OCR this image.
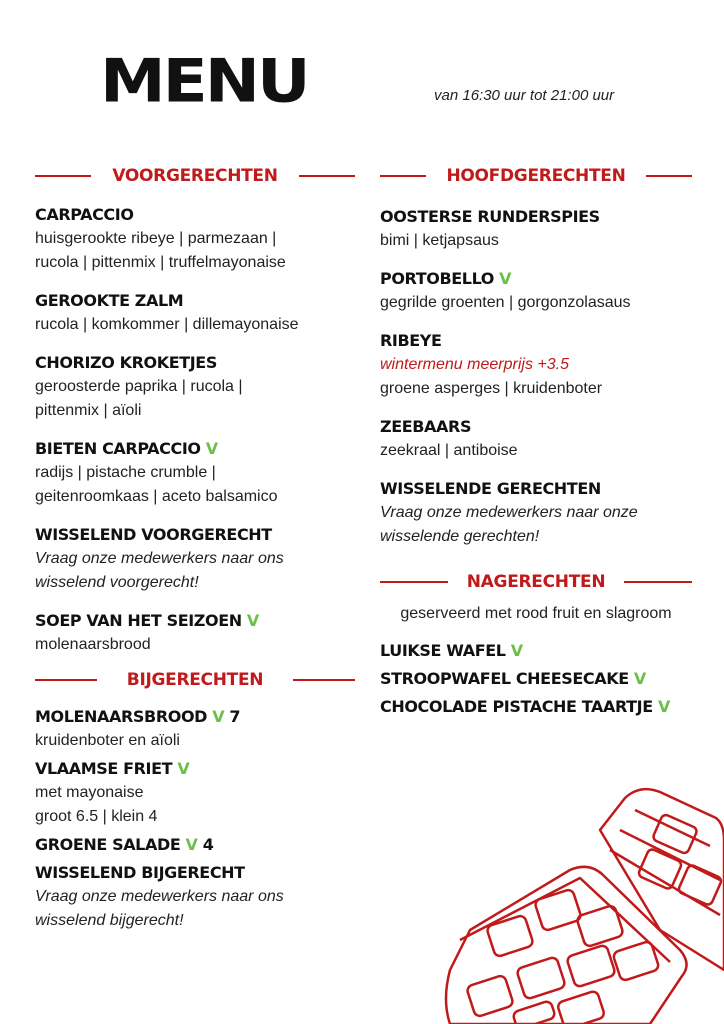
MENU	van 16:30 uur tot 21:00 uur
VOORGERECHTEN
CARPACCIO
huisgerookte ribeye | parmezaan |
rucola | pittenmix | truffelmayonaise
GEROOKTE ZALM
rucola | komkommer | dillemayonaise
CHORIZO KROKETJES
geroosterde paprika | rucola |
pittenmix | aïoli
BIETEN CARPACCIO V
radijs | pistache crumble |
geitenroomkaas | aceto balsamico
WISSELEND VOORGERECHT
Vraag onze medewerkers naar ons
wisselend voorgerecht!
SOEP VAN HET SEIZOEN V
molenaarsbrood
BIJGERECHTEN
MOLENAARSBROOD V 7
kruidenboter en aïoli
VLAAMSE FRIET V
met mayonaise
groot 6.5 | klein 4
GROENE SALADE V 4
WISSELEND BIJGERECHT
Vraag onze medewerkers naar ons
wisselend bijgerecht!
HOOFDGERECHTEN
OOSTERSE RUNDERSPIES
bimi | ketjapsaus
PORTOBELLO V
gegrilde groenten | gorgonzolasaus
RIBEYE
wintermenu meerprijs +3.5
groene asperges | kruidenboter
ZEEBAARS
zeekraal | antiboise
WISSELENDE GERECHTEN
Vraag onze medewerkers naar onze
wisselende gerechten!
NAGERECHTEN
geserveerd met rood fruit en slagroom
LUIKSE WAFEL V
STROOPWAFEL CHEESECAKE V
CHOCOLADE PISTACHE TAARTJE V
